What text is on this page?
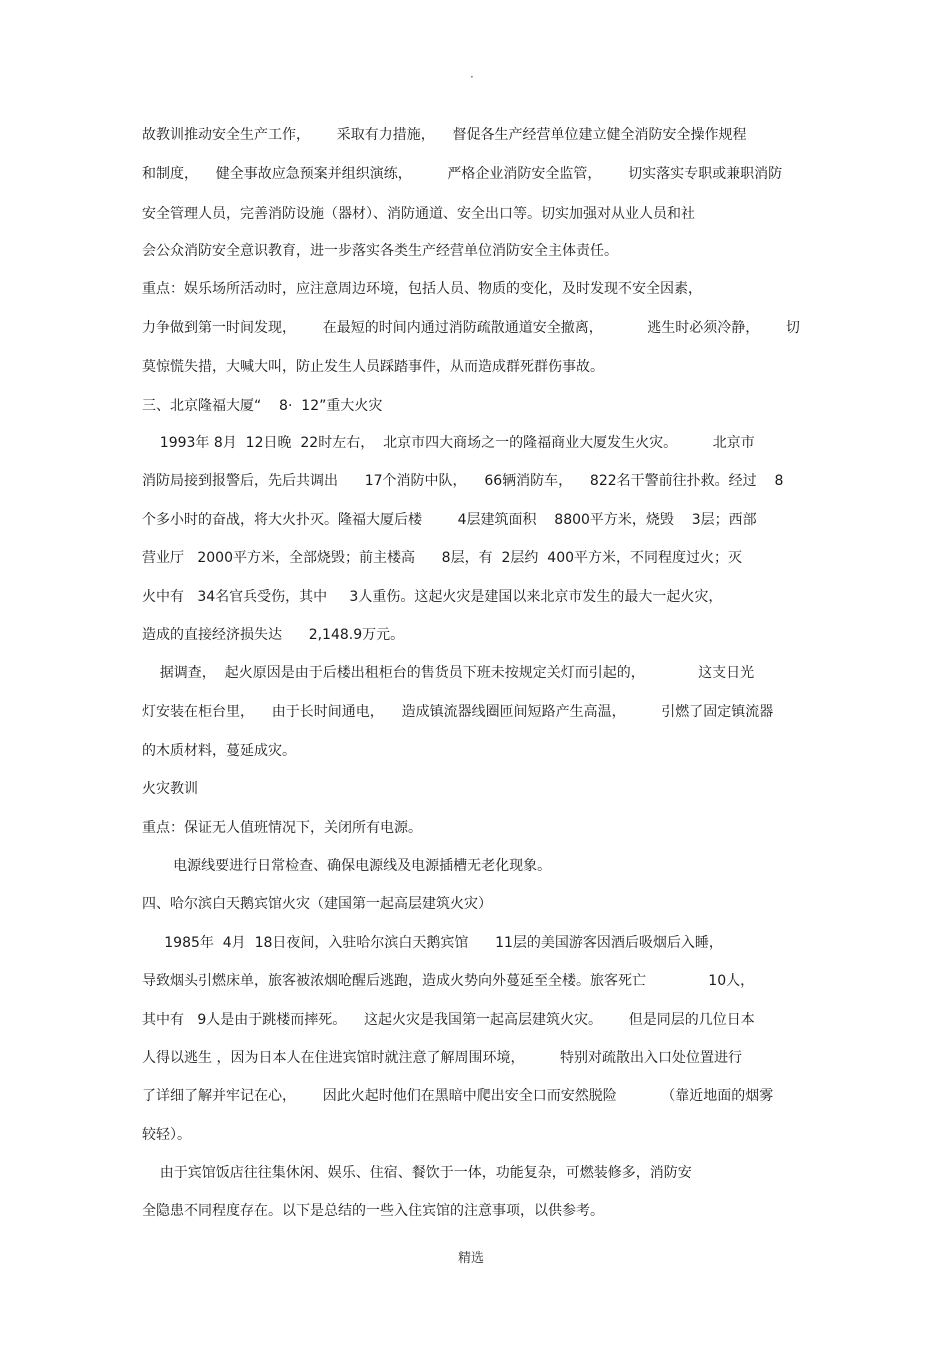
·

故教训推动安全生产工作，      采取有力措施，    督促各生产经营单位建立健全消防安全操作规程

和制度，    健全事故应急预案并组织演练，        严格企业消防安全监管，      切实落实专职或兼职消防

安全管理人员，完善消防设施（器材）、消防通道、安全出口等。切实加强对从业人员和社

会公众消防安全意识教育，进一步落实各类生产经营单位消防安全主体责任。

重点：娱乐场所活动时，应注意周边环境，包括人员、物质的变化，及时发现不安全因素，

力争做到第一时间发现，      在最短的时间内通过消防疏散通道安全撤离，          逃生时必须冷静，      切

莫惊慌失措，大喊大叫，防止发生人员踩踏事件，从而造成群死群伤事故。

三、北京隆福大厦“    8·  12”重大火灾

1993年 8月  12日晚  22时左右，  北京市四大商场之一的隆福商业大厦发生火灾。        北京市

消防局接到报警后，先后共调出      17个消防中队，    66辆消防车，    822名干警前往扑救。经过    8

个多小时的奋战，将大火扑灭。隆福大厦后楼        4层建筑面积    8800平方米，烧毁    3层；西部

营业厅   2000平方米，全部烧毁；前主楼高      8层，有  2层约  400平方米，不同程度过火；灭

火中有   34名官兵受伤，其中     3人重伤。这起火灾是建国以来北京市发生的最大一起火灾，

造成的直接经济损失达      2,148.9万元。

据调查，  起火原因是由于后楼出租柜台的售货员下班未按规定关灯而引起的，            这支日光

灯安装在柜台里，    由于长时间通电，    造成镇流器线圈匝间短路产生高温，        引燃了固定镇流器

的木质材料，蔓延成灾。

火灾教训

重点：保证无人值班情况下，关闭所有电源。

电源线要进行日常检查、确保电源线及电源插槽无老化现象。

四、哈尔滨白天鹅宾馆火灾（建国第一起高层建筑火灾）

1985年  4月  18日夜间，入驻哈尔滨白天鹅宾馆      11层的美国游客因酒后吸烟后入睡，

导致烟头引燃床单，旅客被浓烟呛醒后逃跑，造成火势向外蔓延至全楼。旅客死亡              10人，

其中有   9人是由于跳楼而摔死。    这起火灾是我国第一起高层建筑火灾。      但是同层的几位日本

人得以逃生 ，因为日本人在住进宾馆时就注意了解周围环境，        特别对疏散出入口处位置进行

了详细了解并牢记在心，      因此火起时他们在黑暗中爬出安全口而安然脱险          （靠近地面的烟雾

较轻）。

由于宾馆饭店往往集休闲、娱乐、住宿、餐饮于一体，功能复杂，可燃装修多，消防安

全隐患不同程度存在。以下是总结的一些入住宾馆的注意事项，以供参考。

精选
